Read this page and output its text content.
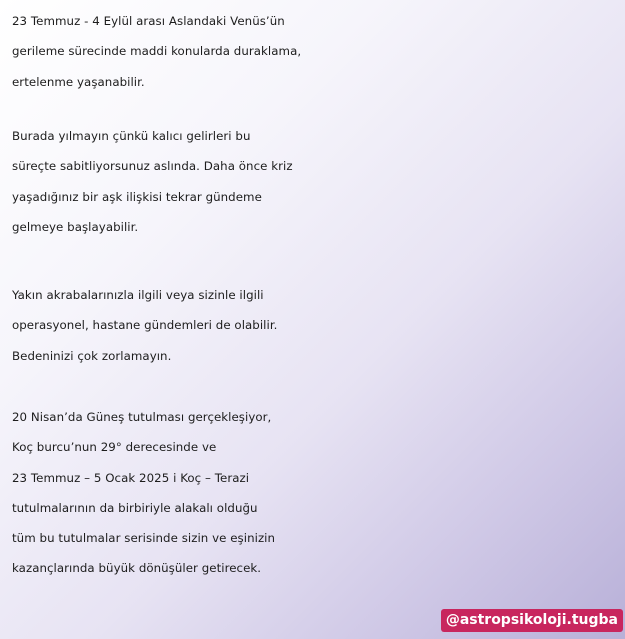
23 Temmuz - 4 Eylül arası Aslandaki Venüs’ün
gerileme sürecinde maddi konularda duraklama,
ertelenme yaşanabilir.

Burada yılmayın çünkü kalıcı gelirleri bu
süreçte sabitliyorsunuz aslında. Daha önce kriz
yaşadığınız bir aşk ilişkisi tekrar gündeme
gelmeye başlayabilir.

Yakın akrabalarınızla ilgili veya sizinle ilgili
operasyonel, hastane gündemleri de olabilir.
Bedeninizi çok zorlamayın.

20 Nisan’da Güneş tutulması gerçekleşiyor,
Koç burcu’nun 29° derecesinde ve
23 Temmuz – 5 Ocak 2025 i Koç – Terazi
tutulmalarının da birbiriyle alakalı olduğu
tüm bu tutulmalar serisinde sizin ve eşinizin
kazançlarında büyük dönüşüler getirecek.

@astropsikoloji.tugba
